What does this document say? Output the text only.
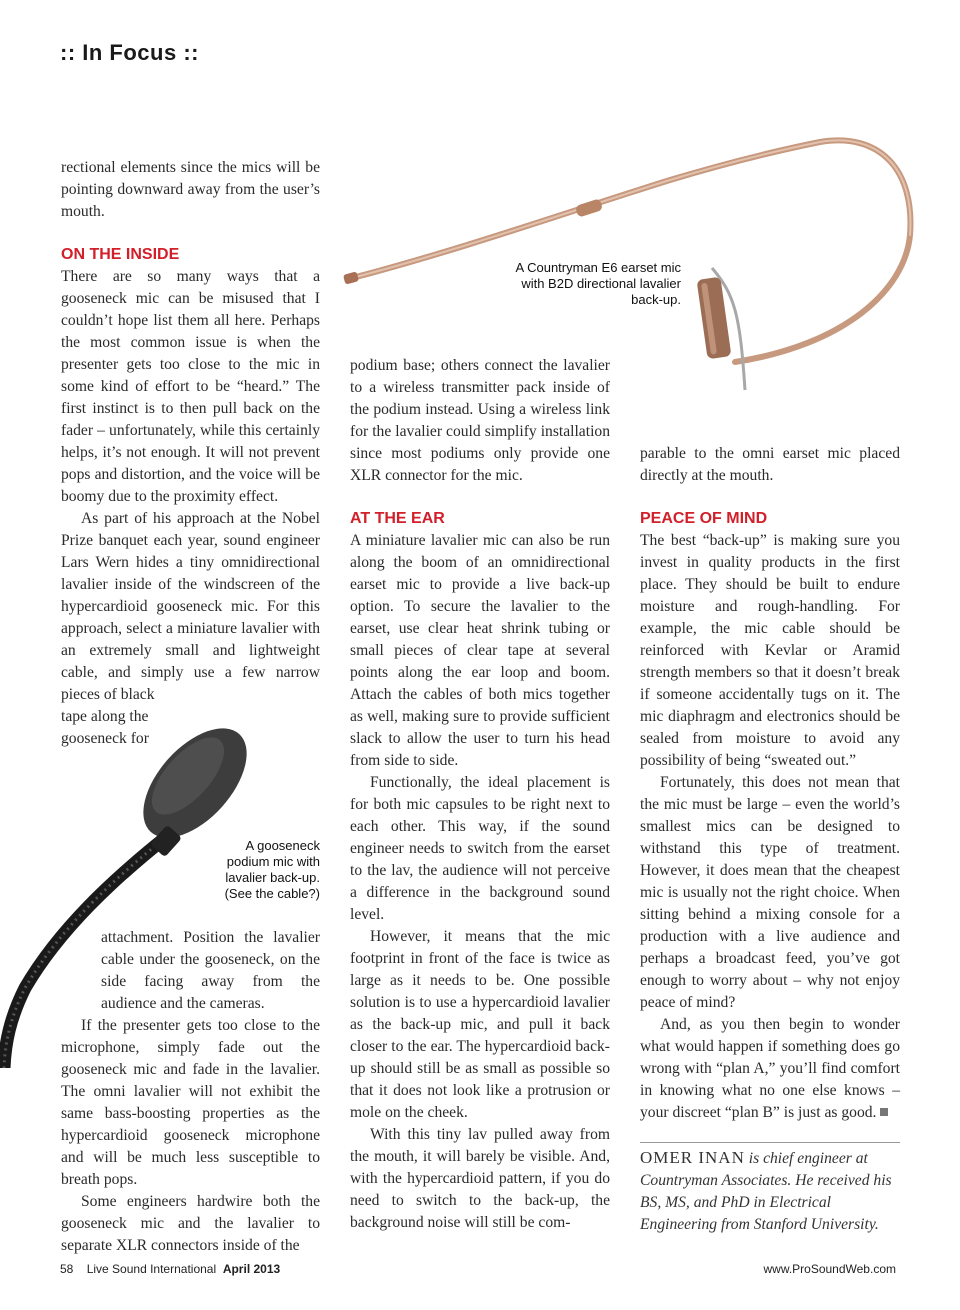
:: In Focus ::
A Countryman E6 earset mic with B2D directional lavalier back-up.
A gooseneck podium mic with lavalier back-up. (See the cable?)

rectional elements since the mics will be pointing downward away from the user’s mouth.

ON THE INSIDE

There are so many ways that a gooseneck mic can be misused that I couldn’t hope list them all here. Perhaps the most common issue is when the presenter gets too close to the mic in some kind of effort to be “heard.” The first instinct is to then pull back on the fader – unfortunately, while this certainly helps, it’s not enough. It will not prevent pops and distortion, and the voice will be boomy due to the proximity effect.

As part of his approach at the Nobel Prize banquet each year, sound engineer Lars Wern hides a tiny omnidirectional lavalier inside of the windscreen of the hypercardioid gooseneck mic. For this approach, select a miniature lavalier with an extremely small and lightweight cable, and simply use a few narrow pieces of black

tape along the

gooseneck for

attachment. Position the lavalier cable under the gooseneck, on the side facing away from the audience and the cameras.

If the presenter gets too close to the microphone, simply fade out the gooseneck mic and fade in the lavalier. The omni lavalier will not exhibit the same bass-boosting properties as the hypercardioid gooseneck microphone and will be much less susceptible to breath pops.

Some engineers hardwire both the gooseneck mic and the lavalier to separate XLR connectors inside of the

podium base; others connect the lavalier to a wireless transmitter pack inside of the podium instead. Using a wireless link for the lavalier could simplify installation since most podiums only provide one XLR connector for the mic.

AT THE EAR

A miniature lavalier mic can also be run along the boom of an omnidirectional earset mic to provide a live back-up option. To secure the lavalier to the earset, use clear heat shrink tubing or small pieces of clear tape at several points along the ear loop and boom. Attach the cables of both mics together as well, making sure to provide sufficient slack to allow the user to turn his head from side to side.

Functionally, the ideal placement is for both mic capsules to be right next to each other. This way, if the sound engineer needs to switch from the earset to the lav, the audience will not perceive a difference in the background sound level.

However, it means that the mic footprint in front of the face is twice as large as it needs to be. One possible solution is to use a hypercardioid lavalier as the back-up mic, and pull it back closer to the ear. The hypercardioid back-up should still be as small as possible so that it does not look like a protrusion or mole on the cheek.

With this tiny lav pulled away from the mouth, it will barely be visible. And, with the hypercardioid pattern, if you do need to switch to the back-up, the background noise will still be com-

parable to the omni earset mic placed directly at the mouth.

PEACE OF MIND

The best “back-up” is making sure you invest in quality products in the first place. They should be built to endure moisture and rough-handling. For example, the mic cable should be reinforced with Kevlar or Aramid strength members so that it doesn’t break if someone accidentally tugs on it. The mic diaphragm and electronics should be sealed from moisture to avoid any possibility of being “sweated out.”

Fortunately, this does not mean that the mic must be large – even the world’s smallest mics can be designed to withstand this type of treatment. However, it does mean that the cheapest mic is usually not the right choice. When sitting behind a mixing console for a production with a live audience and perhaps a broadcast feed, you’ve got enough to worry about – why not enjoy peace of mind?

And, as you then begin to wonder what would happen if something does go wrong with “plan A,” you’ll find comfort in knowing what no one else knows – your discreet “plan B” is just as good.

OMER INAN is chief engineer at Countryman Associates. He received his BS, MS, and PhD in Electrical Engineering from Stanford University.
58 Live Sound International April 2013	www.ProSoundWeb.com
